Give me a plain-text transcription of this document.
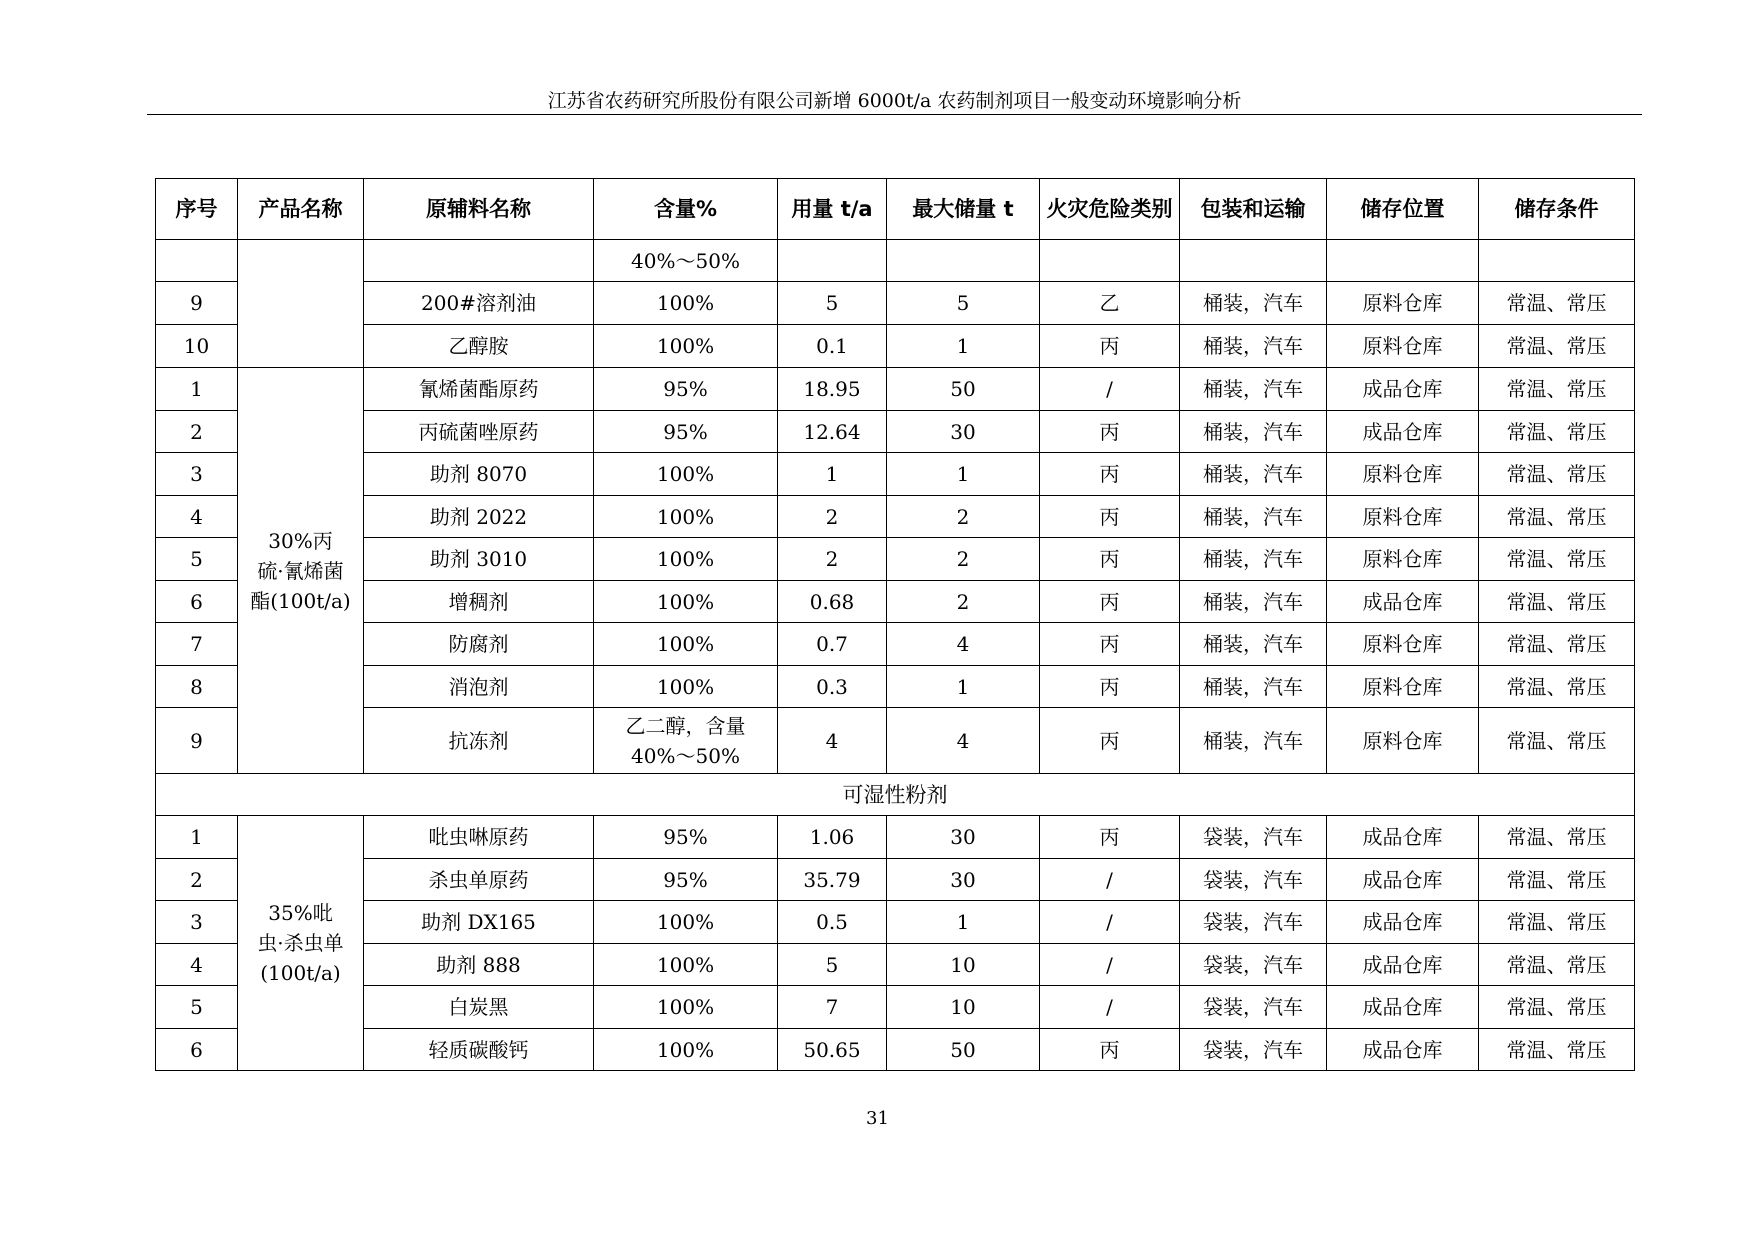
江苏省农药研究所股份有限公司新增 6000t/a 农药制剂项目一般变动环境影响分析
序号	产品名称	原辅料名称	含量%	用量 t/a	最大储量 t	火灾危险类别	包装和运输	储存位置	储存条件
			40%～50%						
9		200#溶剂油	100%	5	5	乙	桶装，汽车	原料仓库	常温、常压
10		乙醇胺	100%	0.1	1	丙	桶装，汽车	原料仓库	常温、常压
1	30%丙
硫·氰烯菌
酯(100t/a)	氰烯菌酯原药	95%	18.95	50	/	桶装，汽车	成品仓库	常温、常压
2		丙硫菌唑原药	95%	12.64	30	丙	桶装，汽车	成品仓库	常温、常压
3		助剂 8070	100%	1	1	丙	桶装，汽车	原料仓库	常温、常压
4		助剂 2022	100%	2	2	丙	桶装，汽车	原料仓库	常温、常压
5		助剂 3010	100%	2	2	丙	桶装，汽车	原料仓库	常温、常压
6		增稠剂	100%	0.68	2	丙	桶装，汽车	成品仓库	常温、常压
7		防腐剂	100%	0.7	4	丙	桶装，汽车	原料仓库	常温、常压
8		消泡剂	100%	0.3	1	丙	桶装，汽车	原料仓库	常温、常压
9		抗冻剂	乙二醇，含量
40%～50%	4	4	丙	桶装，汽车	原料仓库	常温、常压
可湿性粉剂									
1	35%吡
虫·杀虫单
(100t/a)	吡虫啉原药	95%	1.06	30	丙	袋装，汽车	成品仓库	常温、常压
2		杀虫单原药	95%	35.79	30	/	袋装，汽车	成品仓库	常温、常压
3		助剂 DX165	100%	0.5	1	/	袋装，汽车	成品仓库	常温、常压
4		助剂 888	100%	5	10	/	袋装，汽车	成品仓库	常温、常压
5		白炭黑	100%	7	10	/	袋装，汽车	成品仓库	常温、常压
6		轻质碳酸钙	100%	50.65	50	丙	袋装，汽车	成品仓库	常温、常压
31
